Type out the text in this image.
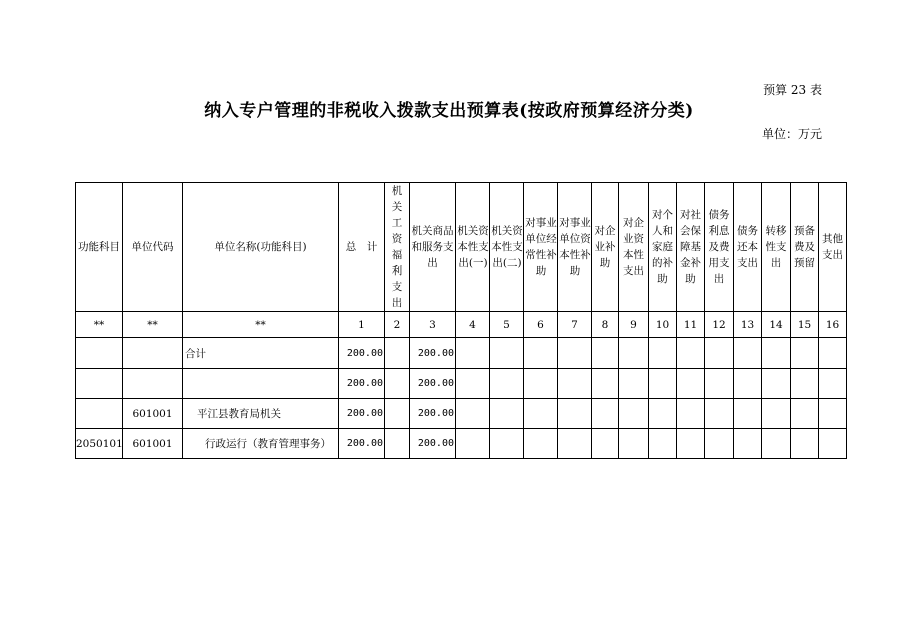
预算 23 表
纳入专户管理的非税收入拨款支出预算表(按政府预算经济分类)
单位：万元
功能科目	单位代码	单位名称(功能科目)	总　计	机关工资福利支出	机关商品和服务支出	机关资本性支出(一)	机关资本性支出(二)	对事业单位经常性补助	对事业单位资本性补助	对企业补助	对企业资本性支出	对个人和家庭的补助	对社会保障基金补助	债务利息及费用支出	债务还本支出	转移性支出	预备费及预留	其他支出
**	**	**	1	2	3	4	5	6	7	8	9	10	11	12	13	14	15	16
		合计	200.00		200.00													
			200.00		200.00													
	601001	平江县教育局机关	200.00		200.00													
2050101	601001	行政运行（教育管理事务）	200.00		200.00													
